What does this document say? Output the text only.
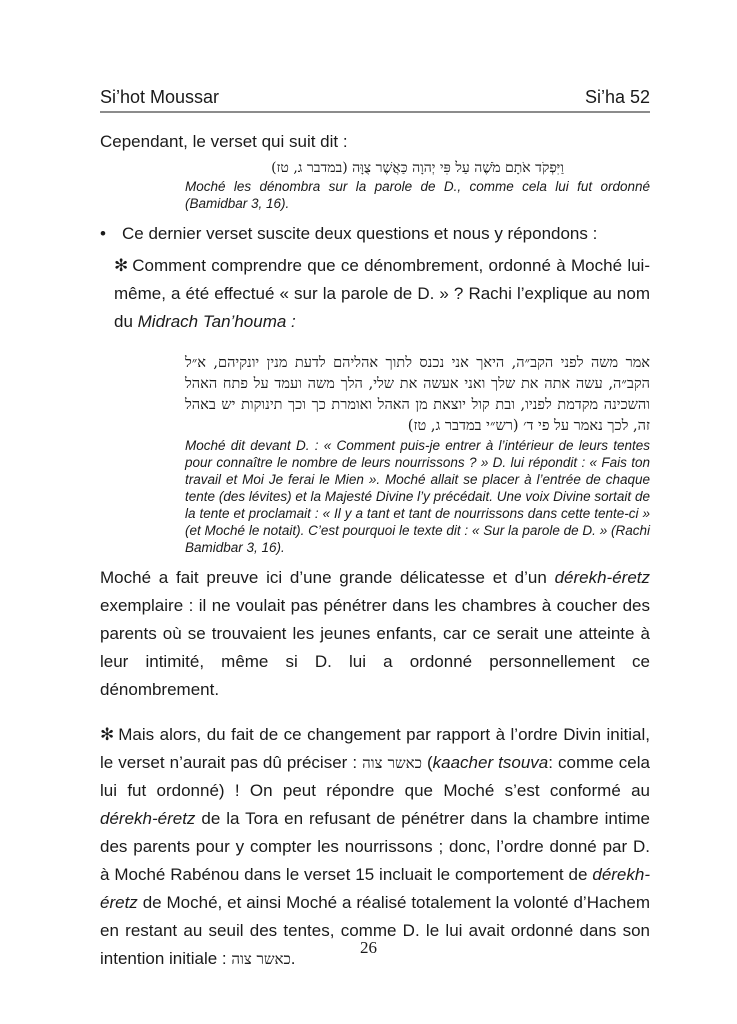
Si’hot Moussar	Si’ha 52

Cependant, le verset qui suit dit :

וַיִּפְקֹד אֹתָם מֹשֶׁה עַל פִּי יְהוָה כַּאֲשֶׁר צֻוָּה (במדבר ג, טז)
Moché les dénombra sur la parole de D., comme cela lui fut ordonné (Bamidbar 3, 16).
• Ce dernier verset suscite deux questions et nous y répondons :

✻ Comment comprendre que ce dénombrement, ordonné à Moché lui-même, a été effectué « sur la parole de D. » ? Rachi l’explique au nom du Midrach Tan’houma :

אמר משה לפני הקב״ה, היאך אני נכנס לתוך אהליהם לדעת מנין יונקיהם, א״ל הקב״ה, עשה אתה את שלך ואני אעשה את שלי, הלך משה ועמד על פתח האהל והשכינה מקדמת לפניו, ובת קול יוצאת מן האהל ואומרת כך וכך תינוקות יש באהל זה, לכך נאמר על פי ד׳ (רש״י במדבר ג, טז)
Moché dit devant D. : « Comment puis-je entrer à l’intérieur de leurs tentes pour connaître le nombre de leurs nourrissons ? » D. lui répondit : « Fais ton travail et Moi Je ferai le Mien ». Moché allait se placer à l’entrée de chaque tente (des lévites) et la Majesté Divine l’y précédait. Une voix Divine sortait de la tente et proclamait : « Il y a tant et tant de nourrissons dans cette tente-ci » (et Moché le notait). C’est pourquoi le texte dit : « Sur la parole de D. » (Rachi Bamidbar 3, 16).

Moché a fait preuve ici d’une grande délicatesse et d’un dérekh-éretz exemplaire : il ne voulait pas pénétrer dans les chambres à coucher des parents où se trouvaient les jeunes enfants, car ce serait une atteinte à leur intimité, même si D. lui a ordonné personnellement ce dénombrement.

✻ Mais alors, du fait de ce changement par rapport à l’ordre Divin initial, le verset n’aurait pas dû préciser : כאשר צוה (kaacher tsouva: comme cela lui fut ordonné) ! On peut répondre que Moché s’est conformé au dérekh-éretz de la Tora en refusant de pénétrer dans la chambre intime des parents pour y compter les nourrissons ; donc, l’ordre donné par D. à Moché Rabénou dans le verset 15 incluait le comportement de dérekh-éretz de Moché, et ainsi Moché a réalisé totalement la volonté d’Hachem en restant au seuil des tentes, comme D. le lui avait ordonné dans son intention initiale : כאשר צוה.

26
